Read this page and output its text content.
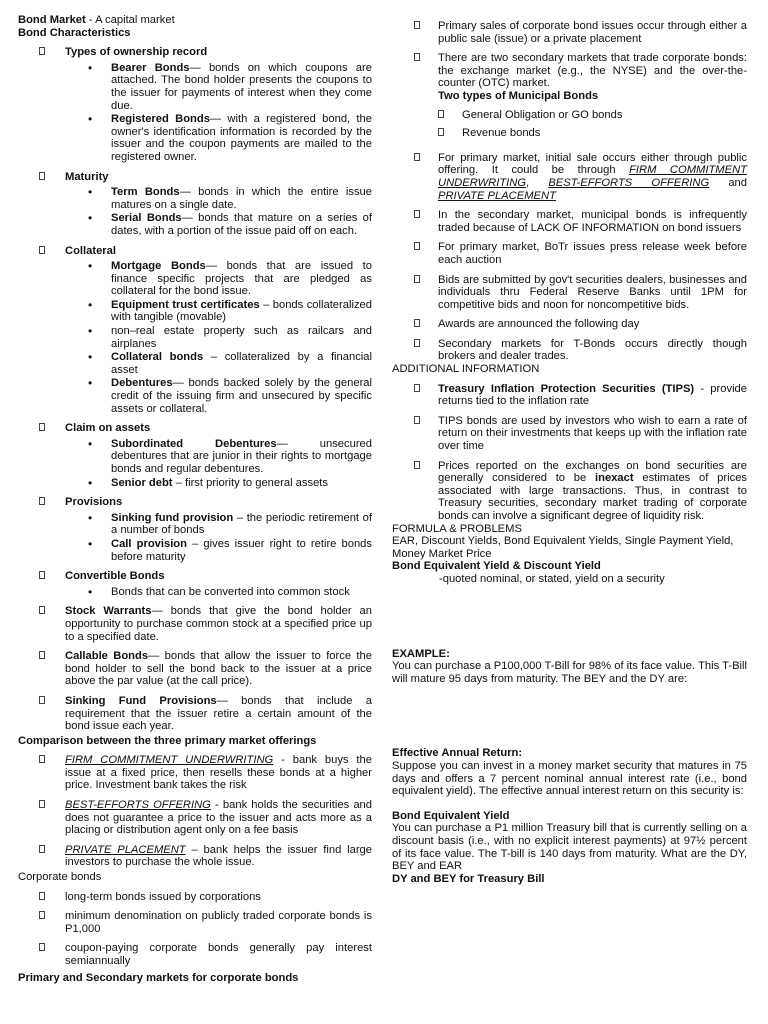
Bond Market - A capital market

Bond Characteristics

Types of ownership record
•	Bearer Bonds— bonds on which coupons are attached. The bond holder presents the coupons to the issuer for payments of interest when they come due.
•	Registered Bonds— with a registered bond, the owner's identification information is recorded by the issuer and the coupon payments are mailed to the registered owner.
Maturity
•	Term Bonds— bonds in which the entire issue matures on a single date.
•	Serial Bonds— bonds that mature on a series of dates, with a portion of the issue paid off on each.
Collateral
•	Mortgage Bonds— bonds that are issued to finance specific projects that are pledged as collateral for the bond issue.
•	Equipment trust certificates – bonds collateralized with tangible (movable)
•	non–real estate property such as railcars and airplanes
•	Collateral bonds – collateralized by a financial asset
•	Debentures— bonds backed solely by the general credit of the issuing firm and unsecured by specific assets or collateral.
Claim on assets
•	Subordinated Debentures— unsecured debentures that are junior in their rights to mortgage bonds and regular debentures.
•	Senior debt – first priority to general assets
Provisions
•	Sinking fund provision – the periodic retirement of a number of bonds
•	Call provision – gives issuer right to retire bonds before maturity
Convertible Bonds
•	Bonds that can be converted into common stock
Stock Warrants— bonds that give the bond holder an opportunity to purchase common stock at a specified price up to a specified date.
Callable Bonds— bonds that allow the issuer to force the bond holder to sell the bond back to the issuer at a price above the par value (at the call price).
Sinking Fund Provisions— bonds that include a requirement that the issuer retire a certain amount of the bond issue each year.

Comparison between the three primary market offerings

FIRM COMMITMENT UNDERWRITING - bank buys the issue at a fixed price, then resells these bonds at a higher price. Investment bank takes the risk
BEST-EFFORTS OFFERING - bank holds the securities and does not guarantee a price to the issuer and acts more as a placing or distribution agent only on a fee basis
PRIVATE PLACEMENT – bank helps the issuer find large investors to purchase the whole issue.

Corporate bonds

long-term bonds issued by corporations
minimum denomination on publicly traded corporate bonds is P1,000
coupon-paying corporate bonds generally pay interest semiannually

Primary and Secondary markets for corporate bonds

Primary sales of corporate bond issues occur through either a public sale (issue) or a private placement
There are two secondary markets that trade corporate bonds: the exchange market (e.g., the NYSE) and the over-the-counter (OTC) market.

Two types of Municipal Bonds

General Obligation or GO bonds
Revenue bonds
For primary market, initial sale occurs either through public offering. It could be through FIRM COMMITMENT UNDERWRITING, BEST-EFFORTS OFFERING and PRIVATE PLACEMENT
In the secondary market, municipal bonds is infrequently traded because of LACK OF INFORMATION on bond issuers
For primary market, BoTr issues press release week before each auction
Bids are submitted by gov't securities dealers, businesses and individuals thru Federal Reserve Banks until 1PM for competitive bids and noon for noncompetitive bids.
Awards are announced the following day
Secondary markets for T-Bonds occurs directly though brokers and dealer trades.

ADDITIONAL INFORMATION

Treasury Inflation Protection Securities (TIPS) - provide returns tied to the inflation rate
TIPS bonds are used by investors who wish to earn a rate of return on their investments that keeps up with the inflation rate over time
Prices reported on the exchanges on bond securities are generally considered to be inexact estimates of prices associated with large transactions. Thus, in contrast to Treasury securities, secondary market trading of corporate bonds can involve a significant degree of liquidity risk.

FORMULA & PROBLEMS

EAR, Discount Yields, Bond Equivalent Yields, Single Payment Yield, Money Market Price

Bond Equivalent Yield & Discount Yield

-quoted nominal, or stated, yield on a security

EXAMPLE:

You can purchase a P100,000 T-Bill for 98% of its face value. This T-Bill will mature 95 days from maturity. The BEY and the DY are:

Effective Annual Return:

Suppose you can invest in a money market security that matures in 75 days and offers a 7 percent nominal annual interest rate (i.e., bond equivalent yield). The effective annual interest return on this security is:

Bond Equivalent Yield

You can purchase a P1 million Treasury bill that is currently selling on a discount basis (i.e., with no explicit interest payments) at 97½ percent of its face value. The T-bill is 140 days from maturity. What are the DY, BEY and EAR

DY and BEY for Treasury Bill
